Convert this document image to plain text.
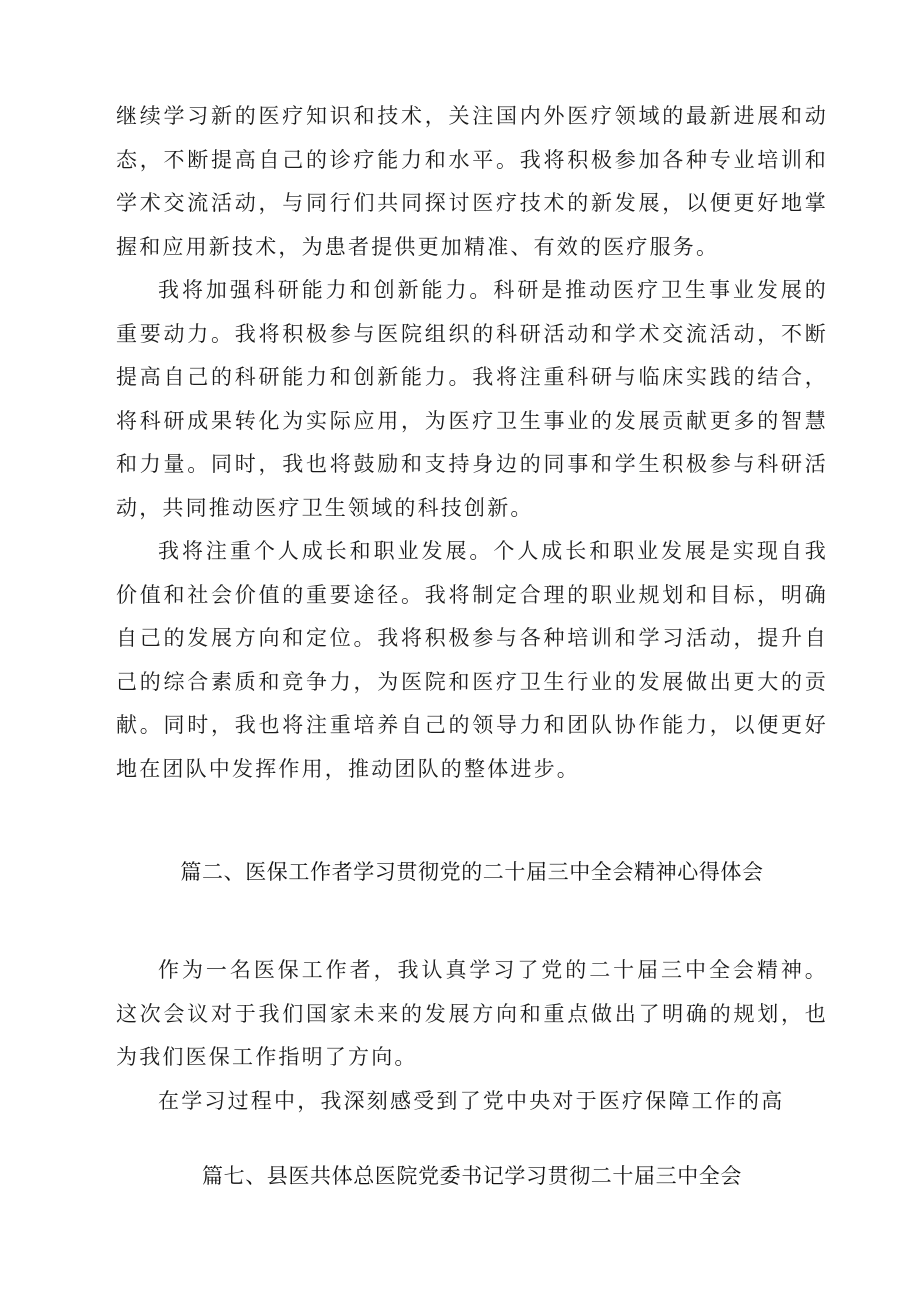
继续学习新的医疗知识和技术，关注国内外医疗领域的最新进展和动态，不断提高自己的诊疗能力和水平。我将积极参加各种专业培训和学术交流活动，与同行们共同探讨医疗技术的新发展，以便更好地掌握和应用新技术，为患者提供更加精准、有效的医疗服务。

我将加强科研能力和创新能力。科研是推动医疗卫生事业发展的重要动力。我将积极参与医院组织的科研活动和学术交流活动，不断提高自己的科研能力和创新能力。我将注重科研与临床实践的结合，将科研成果转化为实际应用，为医疗卫生事业的发展贡献更多的智慧和力量。同时，我也将鼓励和支持身边的同事和学生积极参与科研活动，共同推动医疗卫生领域的科技创新。

我将注重个人成长和职业发展。个人成长和职业发展是实现自我价值和社会价值的重要途径。我将制定合理的职业规划和目标，明确自己的发展方向和定位。我将积极参与各种培训和学习活动，提升自己的综合素质和竞争力，为医院和医疗卫生行业的发展做出更大的贡献。同时，我也将注重培养自己的领导力和团队协作能力，以便更好地在团队中发挥作用，推动团队的整体进步。

篇二、医保工作者学习贯彻党的二十届三中全会精神心得体会

作为一名医保工作者，我认真学习了党的二十届三中全会精神。这次会议对于我们国家未来的发展方向和重点做出了明确的规划，也为我们医保工作指明了方向。

在学习过程中，我深刻感受到了党中央对于医疗保障工作的高

篇七、县医共体总医院党委书记学习贯彻二十届三中全会
